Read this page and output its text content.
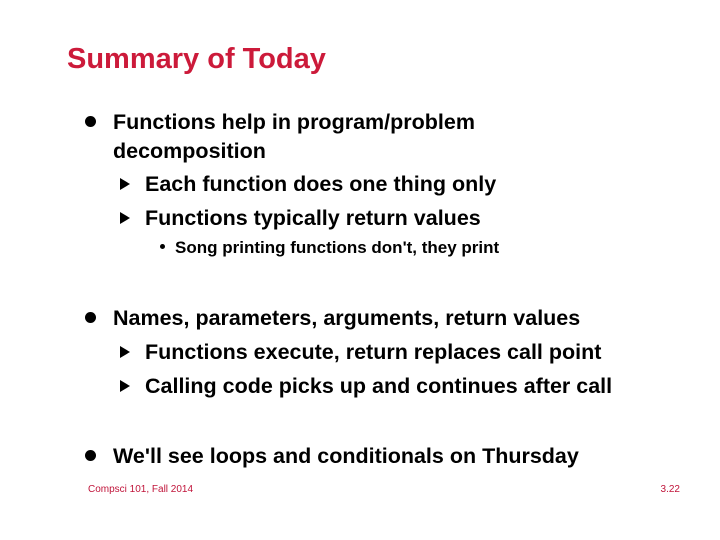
Summary of Today
Functions help in program/problem
decomposition
Each function does one thing only
Functions typically return values
Song printing functions don't, they print
Names, parameters, arguments, return values
Functions execute, return replaces call point
Calling code picks up and continues after call
We'll see loops and conditionals on Thursday
Compsci 101, Fall 2014	3.22
